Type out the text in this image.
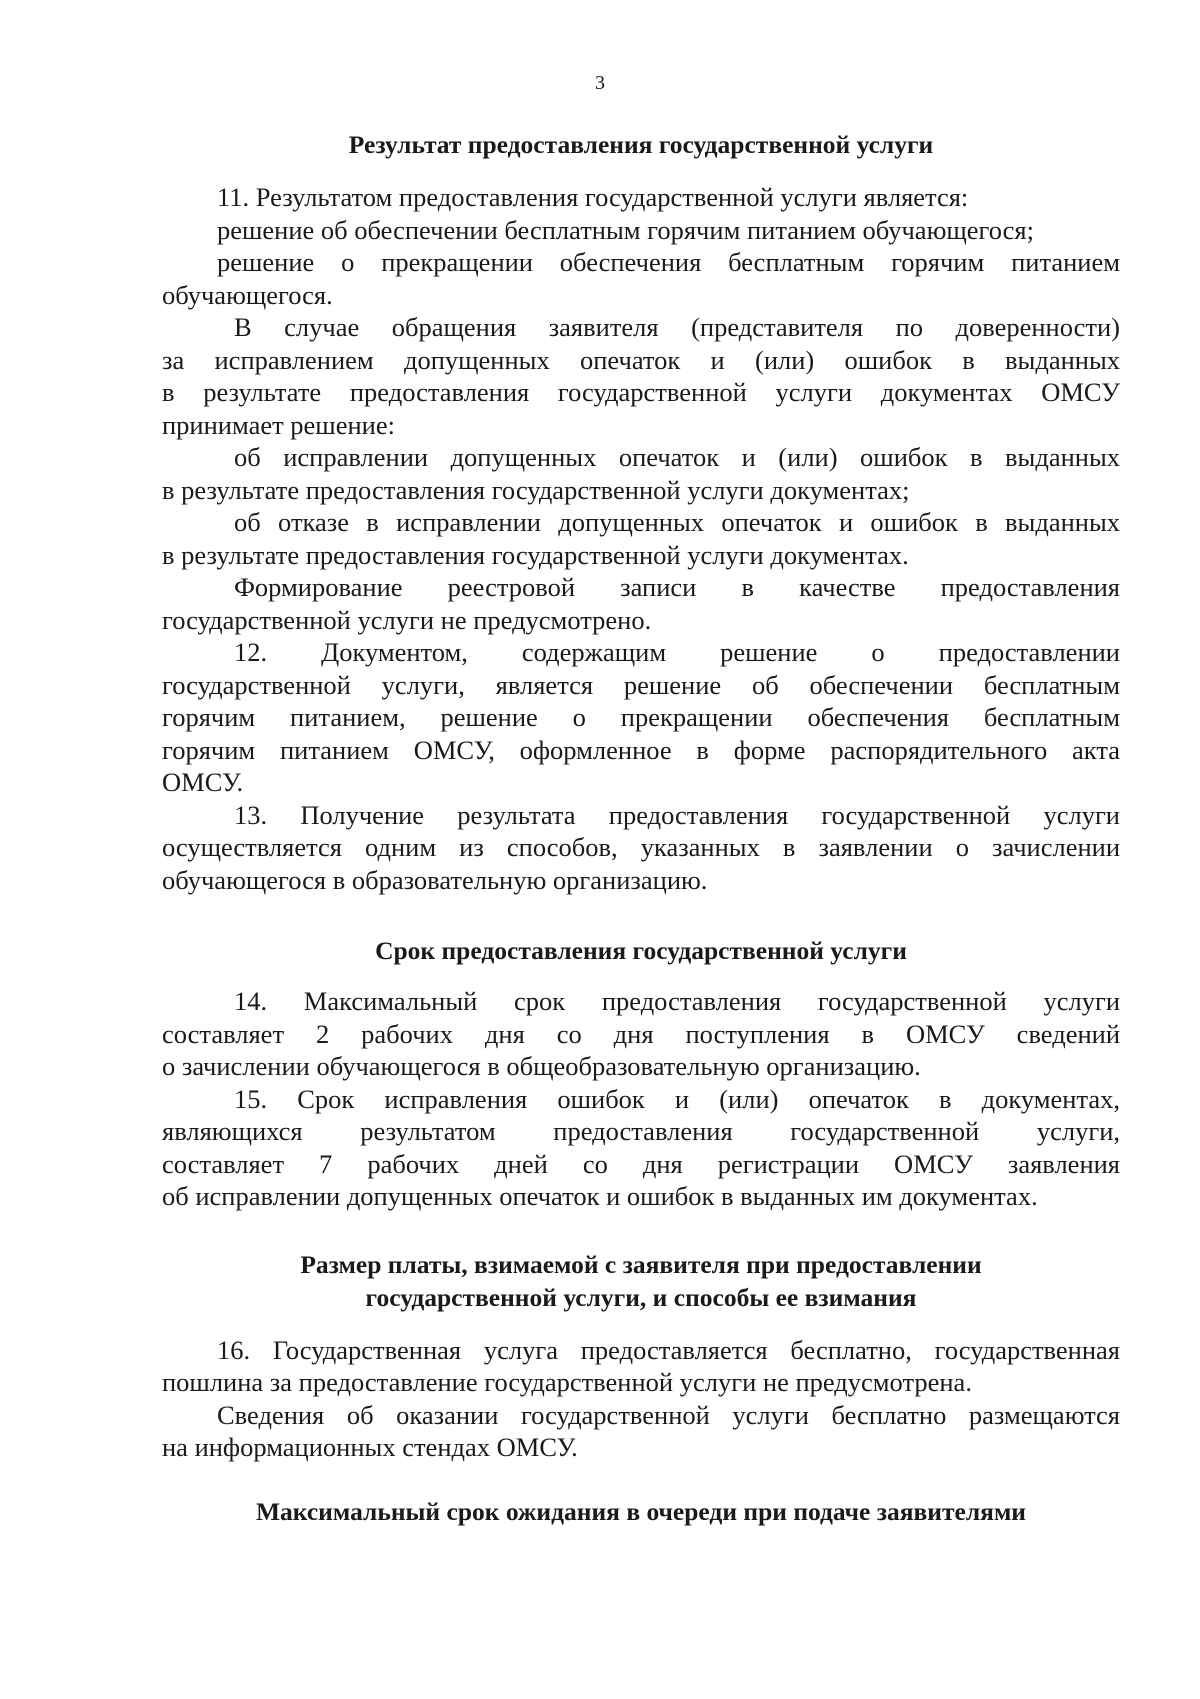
3
Результат предоставления государственной услуги
11. Результатом предоставления государственной услуги является:
решение об обеспечении бесплатным горячим питанием обучающегося;
решение о прекращении обеспечения бесплатным горячим питанием
обучающегося.
В случае обращения заявителя (представителя по доверенности)
за исправлением допущенных опечаток и (или) ошибок в выданных
в результате предоставления государственной услуги документах ОМСУ
принимает решение:
об исправлении допущенных опечаток и (или) ошибок в выданных
в результате предоставления государственной услуги документах;
об отказе в исправлении допущенных опечаток и ошибок в выданных
в результате предоставления государственной услуги документах.
Формирование реестровой записи в качестве предоставления
государственной услуги не предусмотрено.
12. Документом, содержащим решение о предоставлении
государственной услуги, является решение об обеспечении бесплатным
горячим питанием, решение о прекращении обеспечения бесплатным
горячим питанием ОМСУ, оформленное в форме распорядительного акта
ОМСУ.
13. Получение результата предоставления государственной услуги
осуществляется одним из способов, указанных в заявлении о зачислении
обучающегося в образовательную организацию.
Срок предоставления государственной услуги
14. Максимальный срок предоставления государственной услуги
составляет 2 рабочих дня со дня поступления в ОМСУ сведений
о зачислении обучающегося в общеобразовательную организацию.
15. Срок исправления ошибок и (или) опечаток в документах,
являющихся результатом предоставления государственной услуги,
составляет 7 рабочих дней со дня регистрации ОМСУ заявления
об исправлении допущенных опечаток и ошибок в выданных им документах.
Размер платы, взимаемой с заявителя при предоставлении
государственной услуги, и способы ее взимания
16. Государственная услуга предоставляется бесплатно, государственная
пошлина за предоставление государственной услуги не предусмотрена.
Сведения об оказании государственной услуги бесплатно размещаются
на информационных стендах ОМСУ.
Максимальный срок ожидания в очереди при подаче заявителями
